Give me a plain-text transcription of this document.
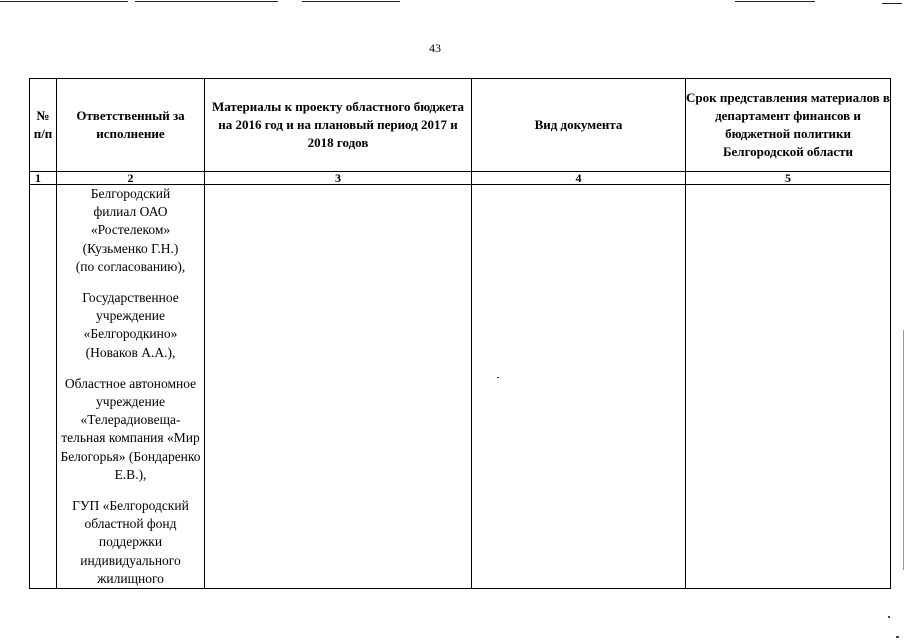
43
№ п/п	Ответственный за исполнение	Материалы к проекту областного бюджета на 2016 год и на плановый период 2017 и 2018 годов	Вид документа	Срок представления материалов в департамент финансов и бюджетной политики Белгородской области
1	2	3	4	5

	Белгородский филиал ОАО «Ростелеком» (Кузьменко Г.Н.) (по согласованию),
Государственное учреждение «Белгородкино» (Новаков А.А.),
Областное автономное учреждение «Телерадиовеща-тельная компания «Мир Белогорья» (Бондаренко Е.В.),
ГУП «Белгородский областной фонд поддержки индивидуального жилищного			
